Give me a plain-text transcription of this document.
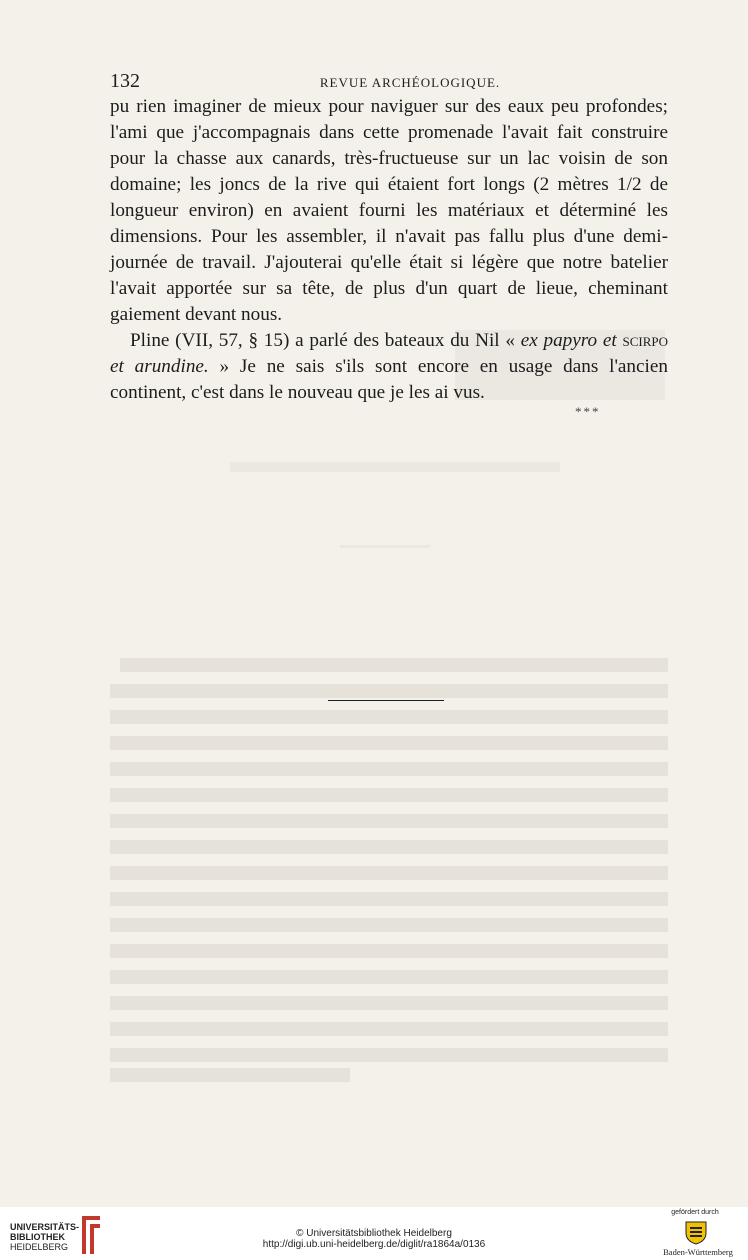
132	REVUE ARCHÉOLOGIQUE.

pu rien imaginer de mieux pour naviguer sur des eaux peu profondes; l'ami que j'accompagnais dans cette promenade l'avait fait construire pour la chasse aux canards, très-fructueuse sur un lac voisin de son domaine; les joncs de la rive qui étaient fort longs (2 mètres 1/2 de longueur environ) en avaient fourni les matériaux et déterminé les dimensions. Pour les assembler, il n'avait pas fallu plus d'une demi-journée de travail. J'ajouterai qu'elle était si légère que notre batelier l'avait apportée sur sa tête, de plus d'un quart de lieue, cheminant gaiement devant nous.

Pline (VII, 57, § 15) a parlé des bateaux du Nil « ex papyro et scirpo et arundine. » Je ne sais s'ils sont encore en usage dans l'ancien continent, c'est dans le nouveau que je les ai vus.

***
UNIVERSITÄTS-
BIBLIOTHEK
HEIDELBERG
© Universitätsbibliothek Heidelberg
http://digi.ub.uni-heidelberg.de/diglit/ra1864a/0136
gefördert durch
Baden-Württemberg
